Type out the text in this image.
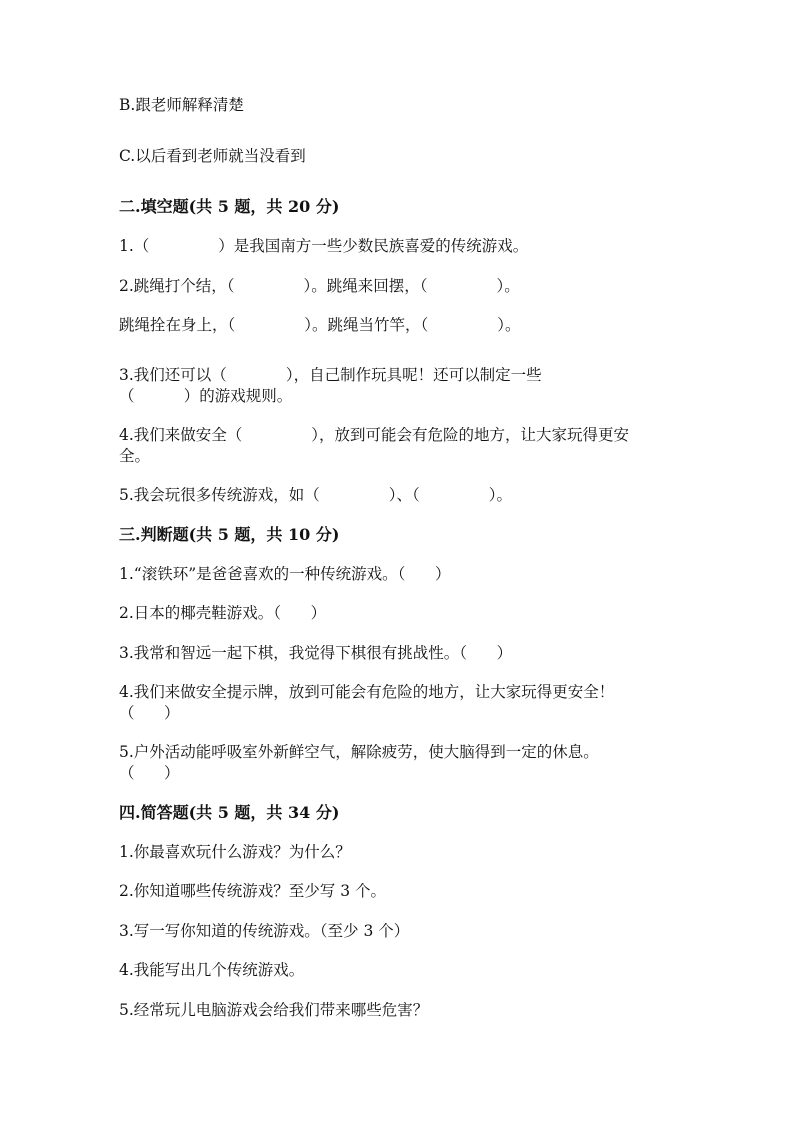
B.跟老师解释清楚
C.以后看到老师就当没看到
二.填空题(共 5 题，共 20 分)
1.（              ）是我国南方一些少数民族喜爱的传统游戏。
2.跳绳打个结，（              ）。跳绳来回摆，（              ）。
跳绳拴在身上，（              ）。跳绳当竹竿，（              ）。
3.我们还可以（            ），自己制作玩具呢！还可以制定一些
（          ）的游戏规则。
4.我们来做安全（              ），放到可能会有危险的地方，让大家玩得更安
全。
5.我会玩很多传统游戏，如（              ）、（              ）。
三.判断题(共 5 题，共 10 分)
1.“滚铁环”是爸爸喜欢的一种传统游戏。（      ）
2.日本的椰壳鞋游戏。（      ）
3.我常和智远一起下棋，我觉得下棋很有挑战性。（      ）
4.我们来做安全提示牌，放到可能会有危险的地方，让大家玩得更安全！
（      ）
5.户外活动能呼吸室外新鲜空气，解除疲劳，使大脑得到一定的休息。
（      ）
四.简答题(共 5 题，共 34 分)
1.你最喜欢玩什么游戏？为什么？
2.你知道哪些传统游戏？至少写 3 个。
3.写一写你知道的传统游戏。（至少 3 个）
4.我能写出几个传统游戏。
5.经常玩儿电脑游戏会给我们带来哪些危害？
